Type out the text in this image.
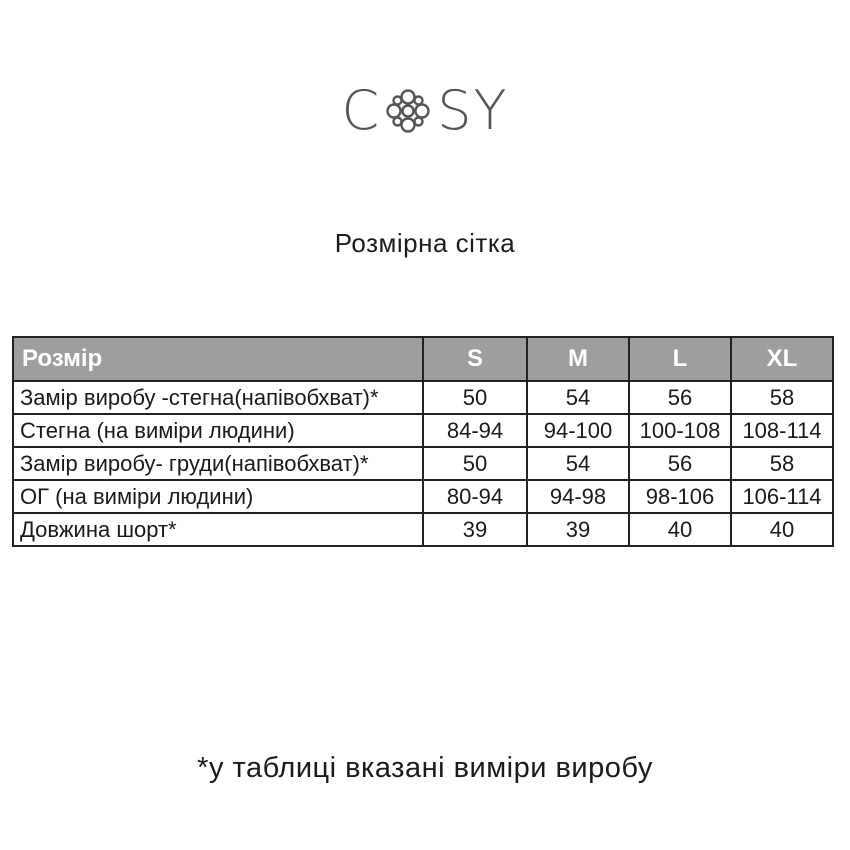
C SY
Розмірна сітка
Розмір	S	M	L	XL
Замір виробу -стегна(напівобхват)*	50	54	56	58
Стегна (на виміри людини)	84-94	94-100	100-108	108-114
Замір виробу- груди(напівобхват)*	50	54	56	58
ОГ (на виміри людини)	80-94	94-98	98-106	106-114
Довжина шорт*	39	39	40	40
*у таблиці вказані виміри виробу
